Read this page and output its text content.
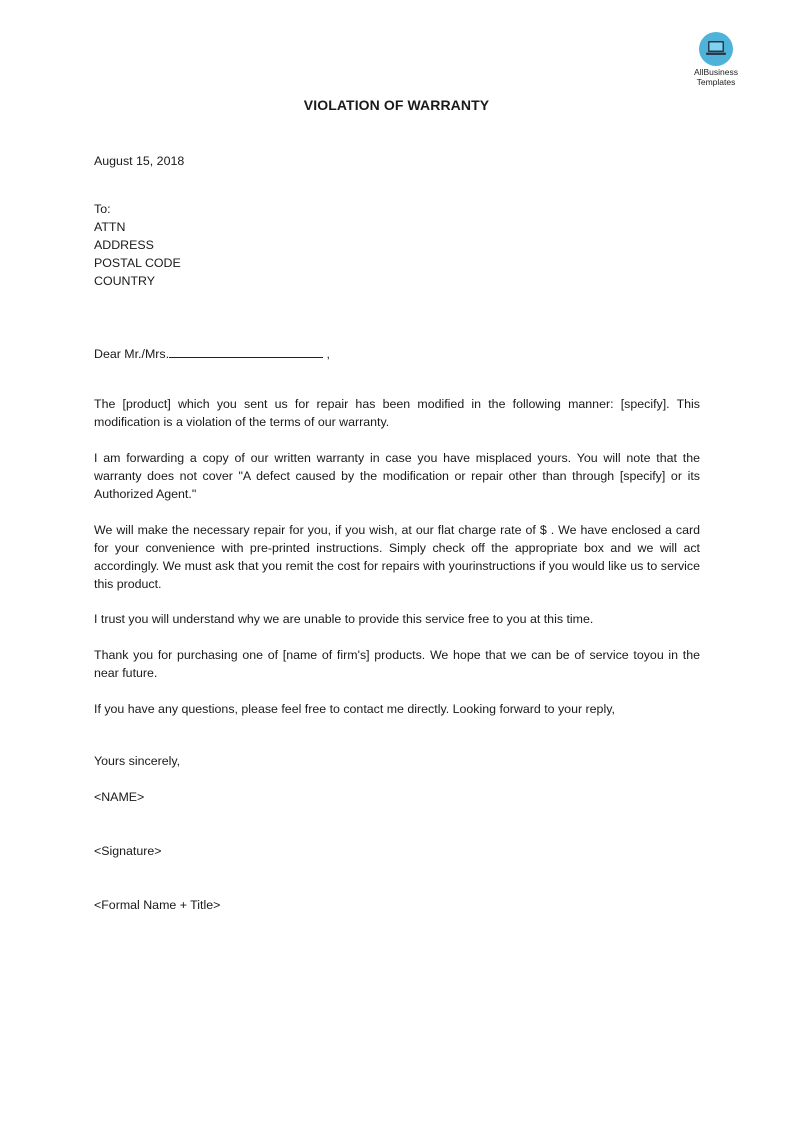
AllBusiness
Templates
VIOLATION OF WARRANTY
August 15, 2018
To:
ATTN
ADDRESS
POSTAL CODE
COUNTRY
Dear Mr./Mrs.	,
The [product] which you sent us for repair has been modified in the following manner: [specify]. This modification is a violation of the terms of our warranty.
I am forwarding a copy of our written warranty in case you have misplaced yours. You will note that the warranty does not cover "A defect caused by the modification or repair other than through [specify] or its Authorized Agent."
We will make the necessary repair for you, if you wish, at our flat charge rate of $ . We have enclosed a card for your convenience with pre-printed instructions. Simply check off the appropriate box and we will act accordingly. We must ask that you remit the cost for repairs with yourinstructions if you would like us to service this product.
I trust you will understand why we are unable to provide this service free to you at this time.
Thank you for purchasing one of [name of firm's] products. We hope that we can be of service toyou in the near future.
If you have any questions, please feel free to contact me directly. Looking forward to your reply,
Yours sincerely,
<NAME>
<Signature>
<Formal Name + Title>
